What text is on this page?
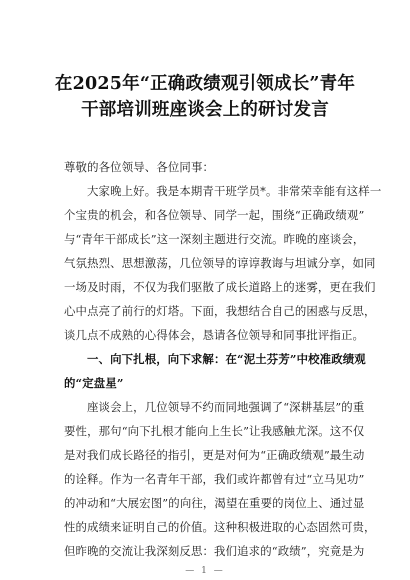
在2025年“正确政绩观引领成长”青年
干部培训班座谈会上的研讨发言
尊敬的各位领导、各位同事：
大家晚上好。我是本期青干班学员*。非常荣幸能有这样一
个宝贵的机会，和各位领导、同学一起，围绕“正确政绩观”
与“青年干部成长”这一深刻主题进行交流。昨晚的座谈会，
气氛热烈、思想激荡，几位领导的谆谆教诲与坦诚分享，如同
一场及时雨，不仅为我们驱散了成长道路上的迷雾，更在我们
心中点亮了前行的灯塔。下面，我想结合自己的困惑与反思，
谈几点不成熟的心得体会，恳请各位领导和同事批评指正。
一、向下扎根，向下求解：在“泥土芬芳”中校准政绩观
的“定盘星”
座谈会上，几位领导不约而同地强调了“深耕基层”的重
要性，那句“向下扎根才能向上生长”让我感触尤深。这不仅
是对我们成长路径的指引，更是对何为“正确政绩观”最生动
的诠释。作为一名青年干部，我们或许都曾有过“立马见功”
的冲动和“大展宏图”的向往，渴望在重要的岗位上、通过显
性的成绩来证明自己的价值。这种积极进取的心态固然可贵，
但昨晚的交流让我深刻反思：我们追求的“政绩”，究竟是为
— 1 —
